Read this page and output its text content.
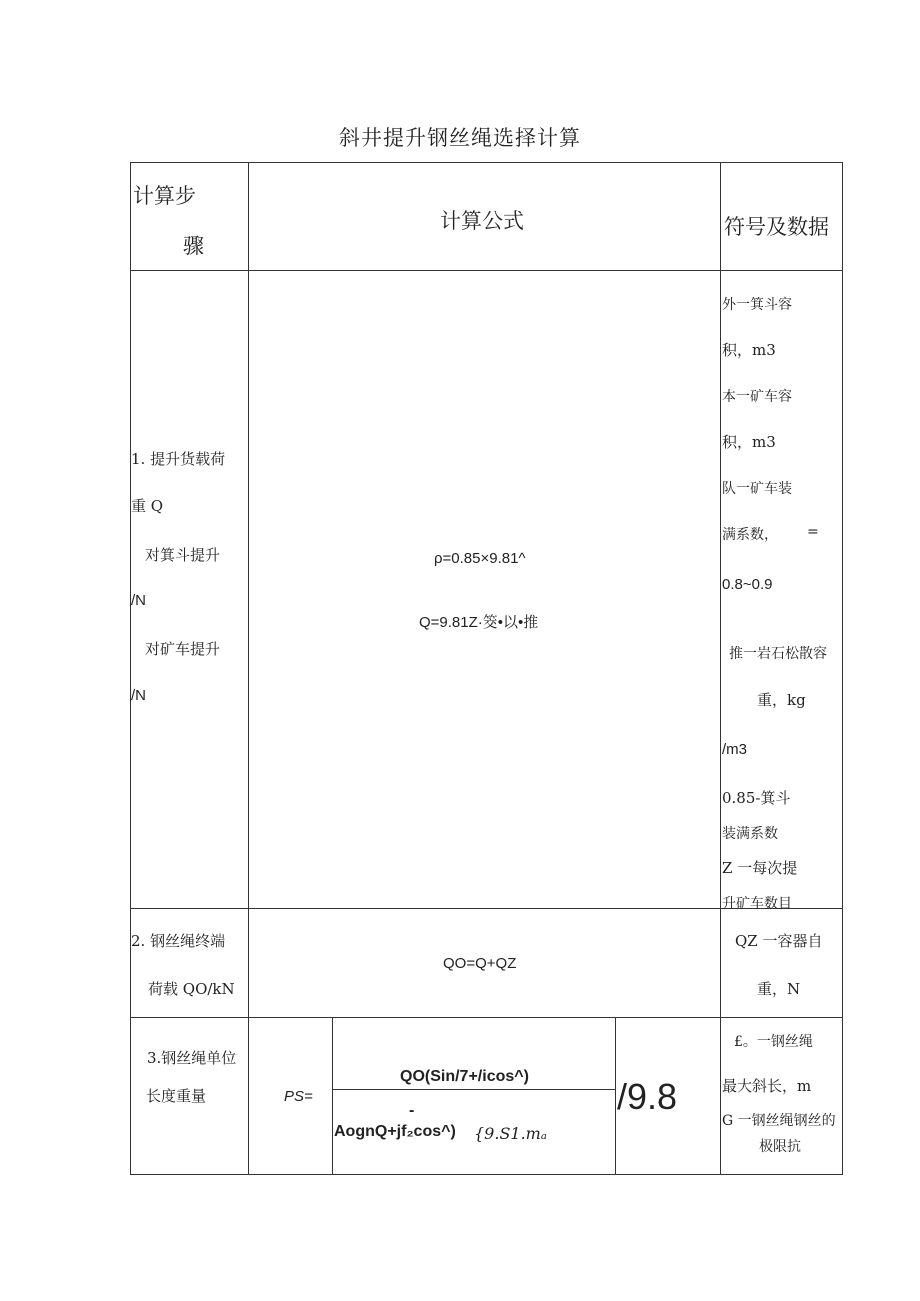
斜井提升钢丝绳选择计算
计算步
骤
计算公式	符号及数据
1. 提升货载荷
重 Q
对箕斗提升
/N
对矿车提升
/N
ρ=0.85×9.81^
Q=9.81Z·筊•以•推
外一箕斗容
积，m3
本一矿车容
积，m3
队一矿车装
满系数， =
0.8~0.9
推一岩石松散容
重，kg
/m3
0.85-箕斗
装满系数
Z 一每次提
升矿车数目
2. 钢丝绳终端
荷载 QO/kN
QO=Q+QZ
QZ 一容器自
重，N
3.钢丝绳单位
长度重量	PS=
QO(Sin/7+/icos^)
-
AognQ+jf₂cos^) {9.S1.mₐ
/9.8
£。一钢丝绳
最大斜长，m
G 一钢丝绳钢丝的
极限抗
